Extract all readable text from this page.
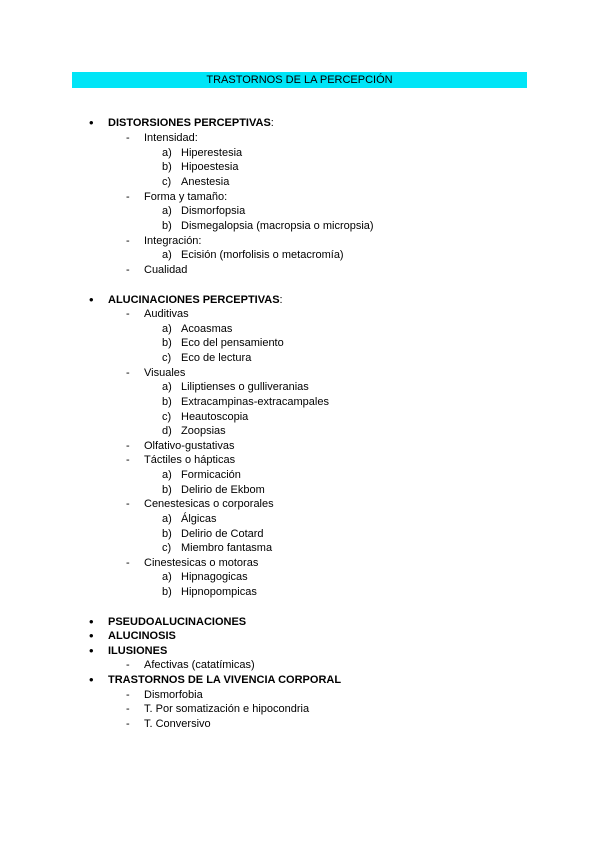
TRASTORNOS DE LA PERCEPCIÓN
• DISTORSIONES PERCEPTIVAS:
- Intensidad:
a) Hiperestesia
b) Hipoestesia
c) Anestesia
- Forma y tamaño:
a) Dismorfopsia
b) Dismegalopsia (macropsia o micropsia)
- Integración:
a) Ecisión (morfolisis o metacromía)
- Cualidad
• ALUCINACIONES PERCEPTIVAS:
- Auditivas
a) Acoasmas
b) Eco del pensamiento
c) Eco de lectura
- Visuales
a) Liliptienses o gulliveranias
b) Extracampinas-extracampales
c) Heautoscopia
d) Zoopsias
- Olfativo-gustativas
- Táctiles o hápticas
a) Formicación
b) Delirio de Ekbom
- Cenestesicas o corporales
a) Álgicas
b) Delirio de Cotard
c) Miembro fantasma
- Cinestesicas o motoras
a) Hipnagogicas
b) Hipnopompicas
• PSEUDOALUCINACIONES
• ALUCINOSIS
• ILUSIONES
- Afectivas (catatímicas)
• TRASTORNOS DE LA VIVENCIA CORPORAL
- Dismorfobia
- T. Por somatización e hipocondria
- T. Conversivo
